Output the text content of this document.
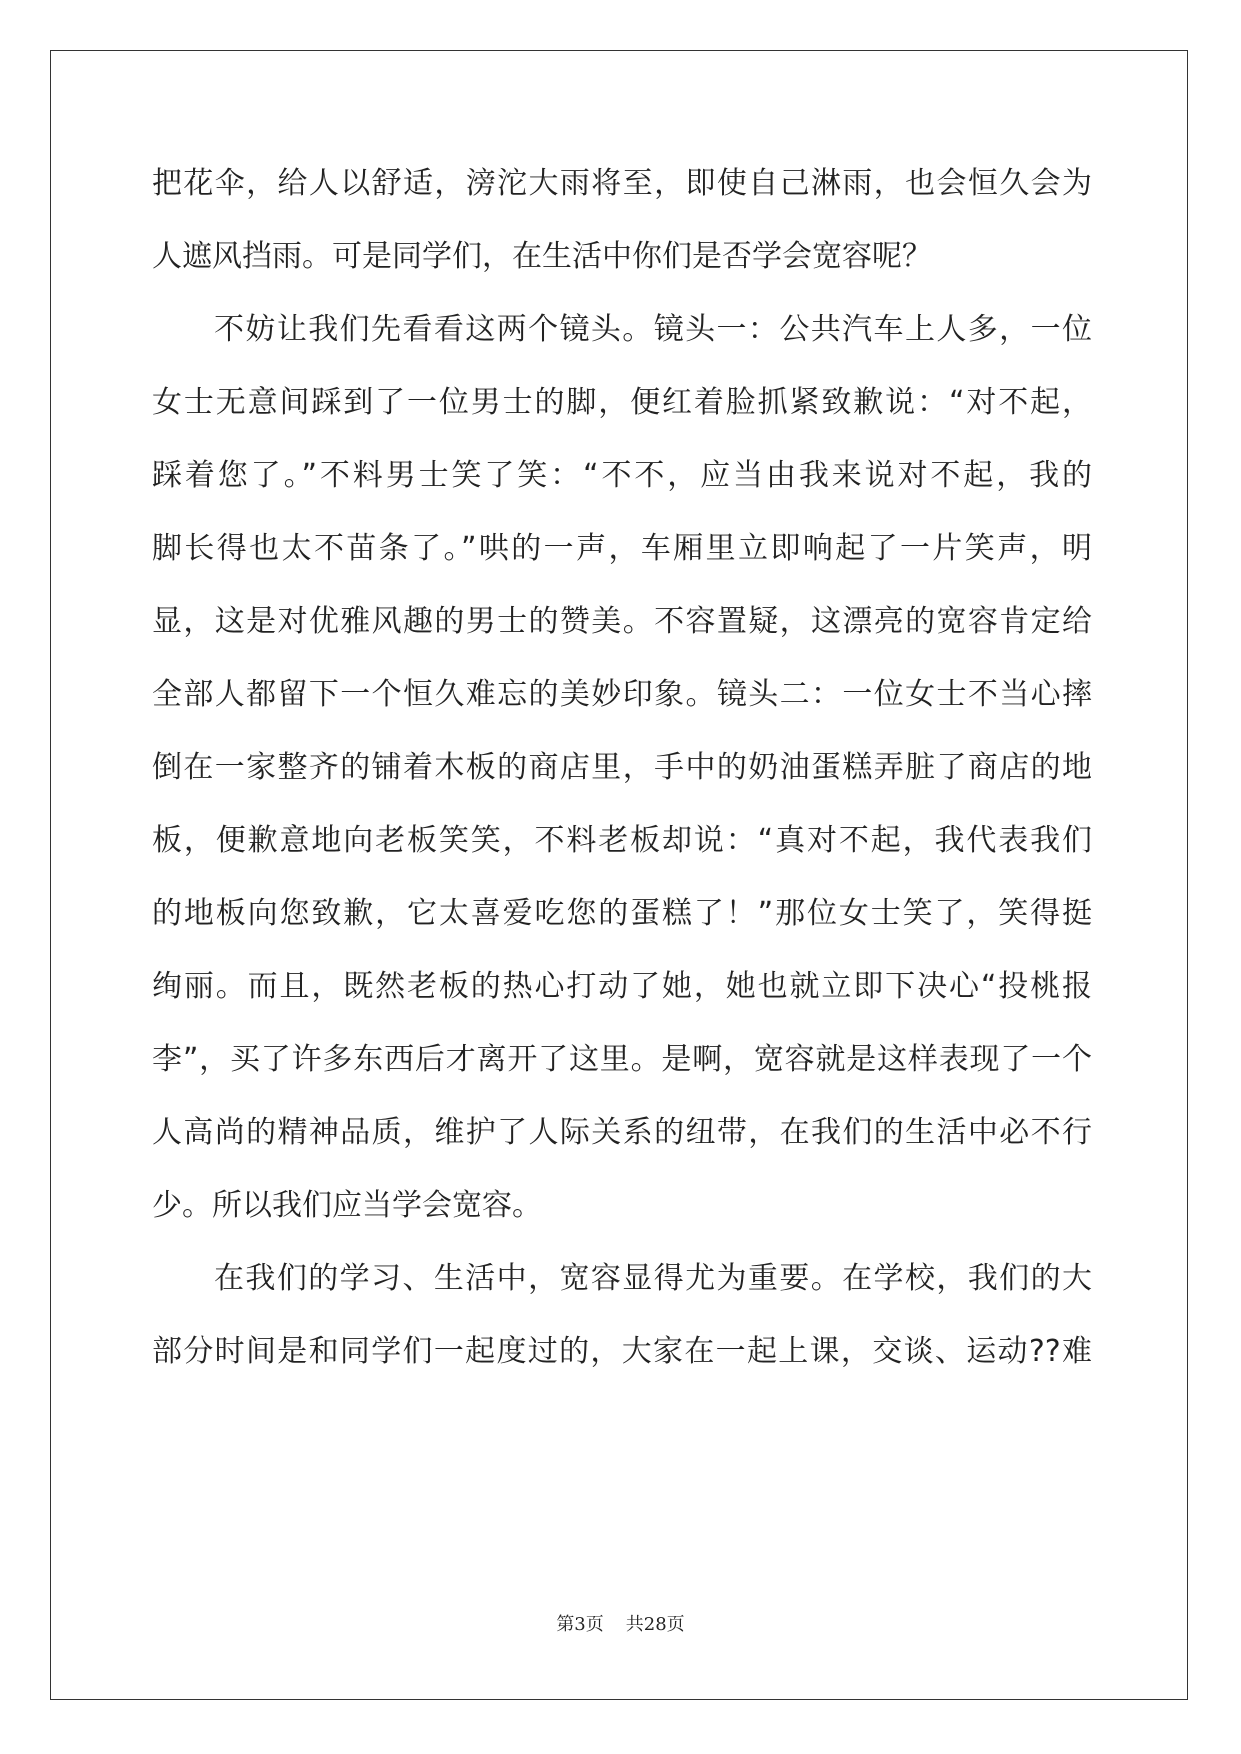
把花伞，给人以舒适，滂沱大雨将至，即使自己淋雨，也会恒久会为
人遮风挡雨。可是同学们，在生活中你们是否学会宽容呢？
不妨让我们先看看这两个镜头。镜头一：公共汽车上人多，一位
女士无意间踩到了一位男士的脚，便红着脸抓紧致歉说：“对不起，
踩着您了。”不料男士笑了笑：“不不，应当由我来说对不起，我的
脚长得也太不苗条了。”哄的一声，车厢里立即响起了一片笑声，明
显，这是对优雅风趣的男士的赞美。不容置疑，这漂亮的宽容肯定给
全部人都留下一个恒久难忘的美妙印象。镜头二：一位女士不当心摔
倒在一家整齐的铺着木板的商店里，手中的奶油蛋糕弄脏了商店的地
板，便歉意地向老板笑笑，不料老板却说：“真对不起，我代表我们
的地板向您致歉，它太喜爱吃您的蛋糕了！”那位女士笑了，笑得挺
绚丽。而且，既然老板的热心打动了她，她也就立即下决心“投桃报
李”，买了许多东西后才离开了这里。是啊，宽容就是这样表现了一个
人高尚的精神品质，维护了人际关系的纽带，在我们的生活中必不行
少。所以我们应当学会宽容。
在我们的学习、生活中，宽容显得尤为重要。在学校，我们的大
部分时间是和同学们一起度过的，大家在一起上课，交谈、运动??难
第3页 共28页
